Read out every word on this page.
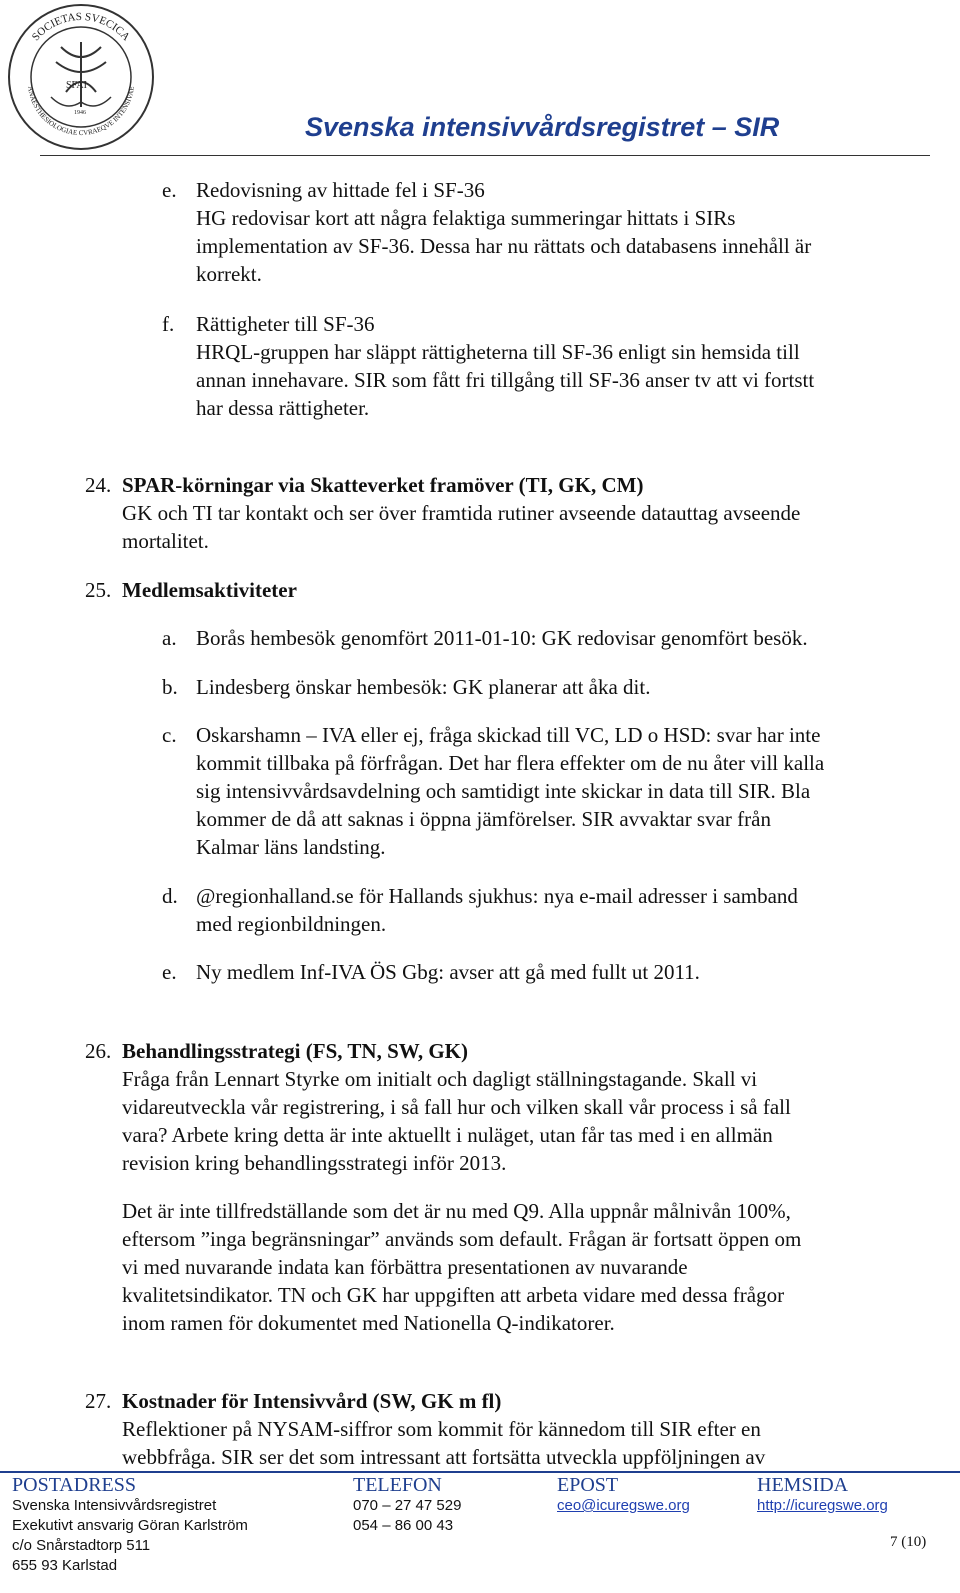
SOCIETAS SVECICA
ANAESTHESIOLOGIAE CVRAEQVE INTENSIVAE
SFAI
1946	Svenska intensivvårdsregistret – SIR
e. Redovisning av hittade fel i SF-36
HG redovisar kort att några felaktiga summeringar hittats i SIRs
implementation av SF-36. Dessa har nu rättats och databasens innehåll är
korrekt.
f. Rättigheter till SF-36
HRQL-gruppen har släppt rättigheterna till SF-36 enligt sin hemsida till
annan innehavare. SIR som fått fri tillgång till SF-36 anser tv att vi fortstt
har dessa rättigheter.
24. SPAR-körningar via Skatteverket framöver (TI, GK, CM)
GK och TI tar kontakt och ser över framtida rutiner avseende datauttag avseende
mortalitet.
25. Medlemsaktiviteter
a. Borås hembesök genomfört 2011-01-10: GK redovisar genomfört besök.
b. Lindesberg önskar hembesök: GK planerar att åka dit.
c. Oskarshamn – IVA eller ej, fråga skickad till VC, LD o HSD: svar har inte
kommit tillbaka på förfrågan. Det har flera effekter om de nu åter vill kalla
sig intensivvårdsavdelning och samtidigt inte skickar in data till SIR. Bla
kommer de då att saknas i öppna jämförelser. SIR avvaktar svar från
Kalmar läns landsting.
d. @regionhalland.se för Hallands sjukhus: nya e-mail adresser i samband
med regionbildningen.
e. Ny medlem Inf-IVA ÖS Gbg: avser att gå med fullt ut 2011.
26. Behandlingsstrategi (FS, TN, SW, GK)
Fråga från Lennart Styrke om initialt och dagligt ställningstagande. Skall vi
vidareutveckla vår registrering, i så fall hur och vilken skall vår process i så fall
vara? Arbete kring detta är inte aktuellt i nuläget, utan får tas med i en allmän
revision kring behandlingsstrategi inför 2013.
Det är inte tillfredställande som det är nu med Q9. Alla uppnår målnivån 100%,
eftersom ”inga begränsningar” används som default. Frågan är fortsatt öppen om
vi med nuvarande indata kan förbättra presentationen av nuvarande
kvalitetsindikator. TN och GK har uppgiften att arbeta vidare med dessa frågor
inom ramen för dokumentet med Nationella Q-indikatorer.
27. Kostnader för Intensivvård (SW, GK m fl)
Reflektioner på NYSAM-siffror som kommit för kännedom till SIR efter en
webbfråga. SIR ser det som intressant att fortsätta utveckla uppföljningen av
POSTADRESS
Svenska Intensivvårdsregistret
Exekutivt ansvarig Göran Karlström
c/o Snårstadtorp 511
655 93 Karlstad
TELEFON
070 – 27 47 529
054 – 86 00 43
EPOST
ceo@icuregswe.org
HEMSIDA
http://icuregswe.org
7 (10)
